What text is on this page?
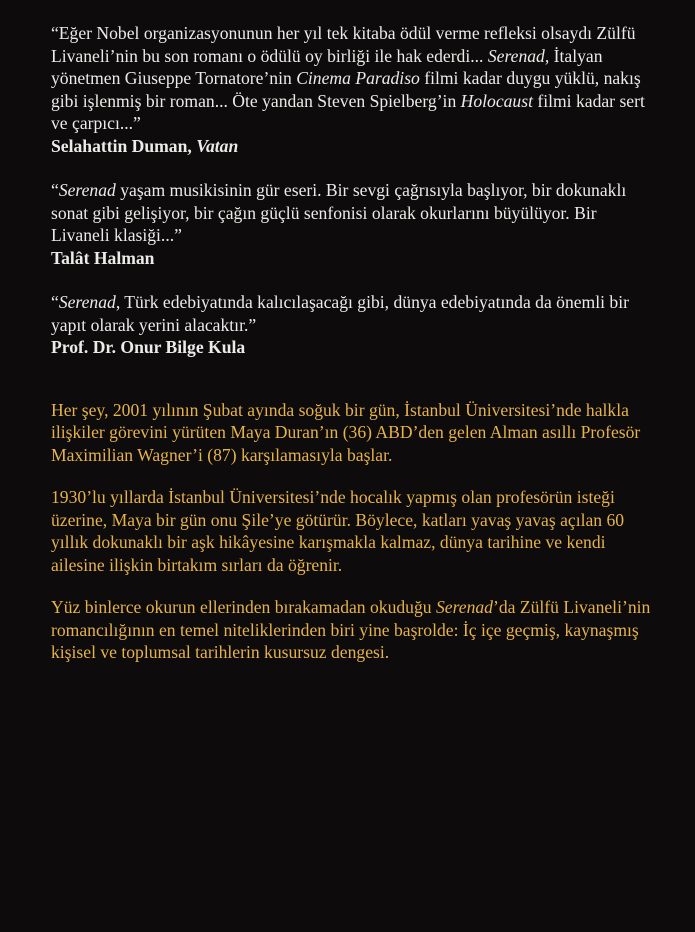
“Eğer Nobel organizasyonunun her yıl tek kitaba ödül verme refleksi olsaydı Zülfü Livaneli’nin bu son romanı o ödülü oy birliği ile hak ederdi... Serenad, İtalyan yönetmen Giuseppe Tornatore’nin Cinema Paradiso filmi kadar duygu yüklü, nakış gibi işlenmiş bir roman... Öte yandan Steven Spielberg’in Holocaust filmi kadar sert ve çarpıcı...”

Selahattin Duman, Vatan

“Serenad yaşam musikisinin gür eseri. Bir sevgi çağrısıyla başlıyor, bir dokunaklı sonat gibi gelişiyor, bir çağın güçlü senfonisi olarak okurlarını büyülüyor. Bir Livaneli klasiği...”

Talât Halman

“Serenad, Türk edebiyatında kalıcılaşacağı gibi, dünya edebiyatında da önemli bir yapıt olarak yerini alacaktır.”

Prof. Dr. Onur Bilge Kula

Her şey, 2001 yılının Şubat ayında soğuk bir gün, İstanbul Üniversitesi’nde halkla ilişkiler görevini yürüten Maya Duran’ın (36) ABD’den gelen Alman asıllı Profesör Maximilian Wagner’i (87) karşılamasıyla başlar.

1930’lu yıllarda İstanbul Üniversitesi’nde hocalık yapmış olan profesörün isteği üzerine, Maya bir gün onu Şile’ye götürür. Böylece, katları yavaş yavaş açılan 60 yıllık dokunaklı bir aşk hikâyesine karışmakla kalmaz, dünya tarihine ve kendi ailesine ilişkin birtakım sırları da öğrenir.

Yüz binlerce okurun ellerinden bırakamadan okuduğu Serenad’da Zülfü Livaneli’nin romancılığının en temel niteliklerinden biri yine başrolde: İç içe geçmiş, kaynaşmış kişisel ve toplumsal tarihlerin kusursuz dengesi.
